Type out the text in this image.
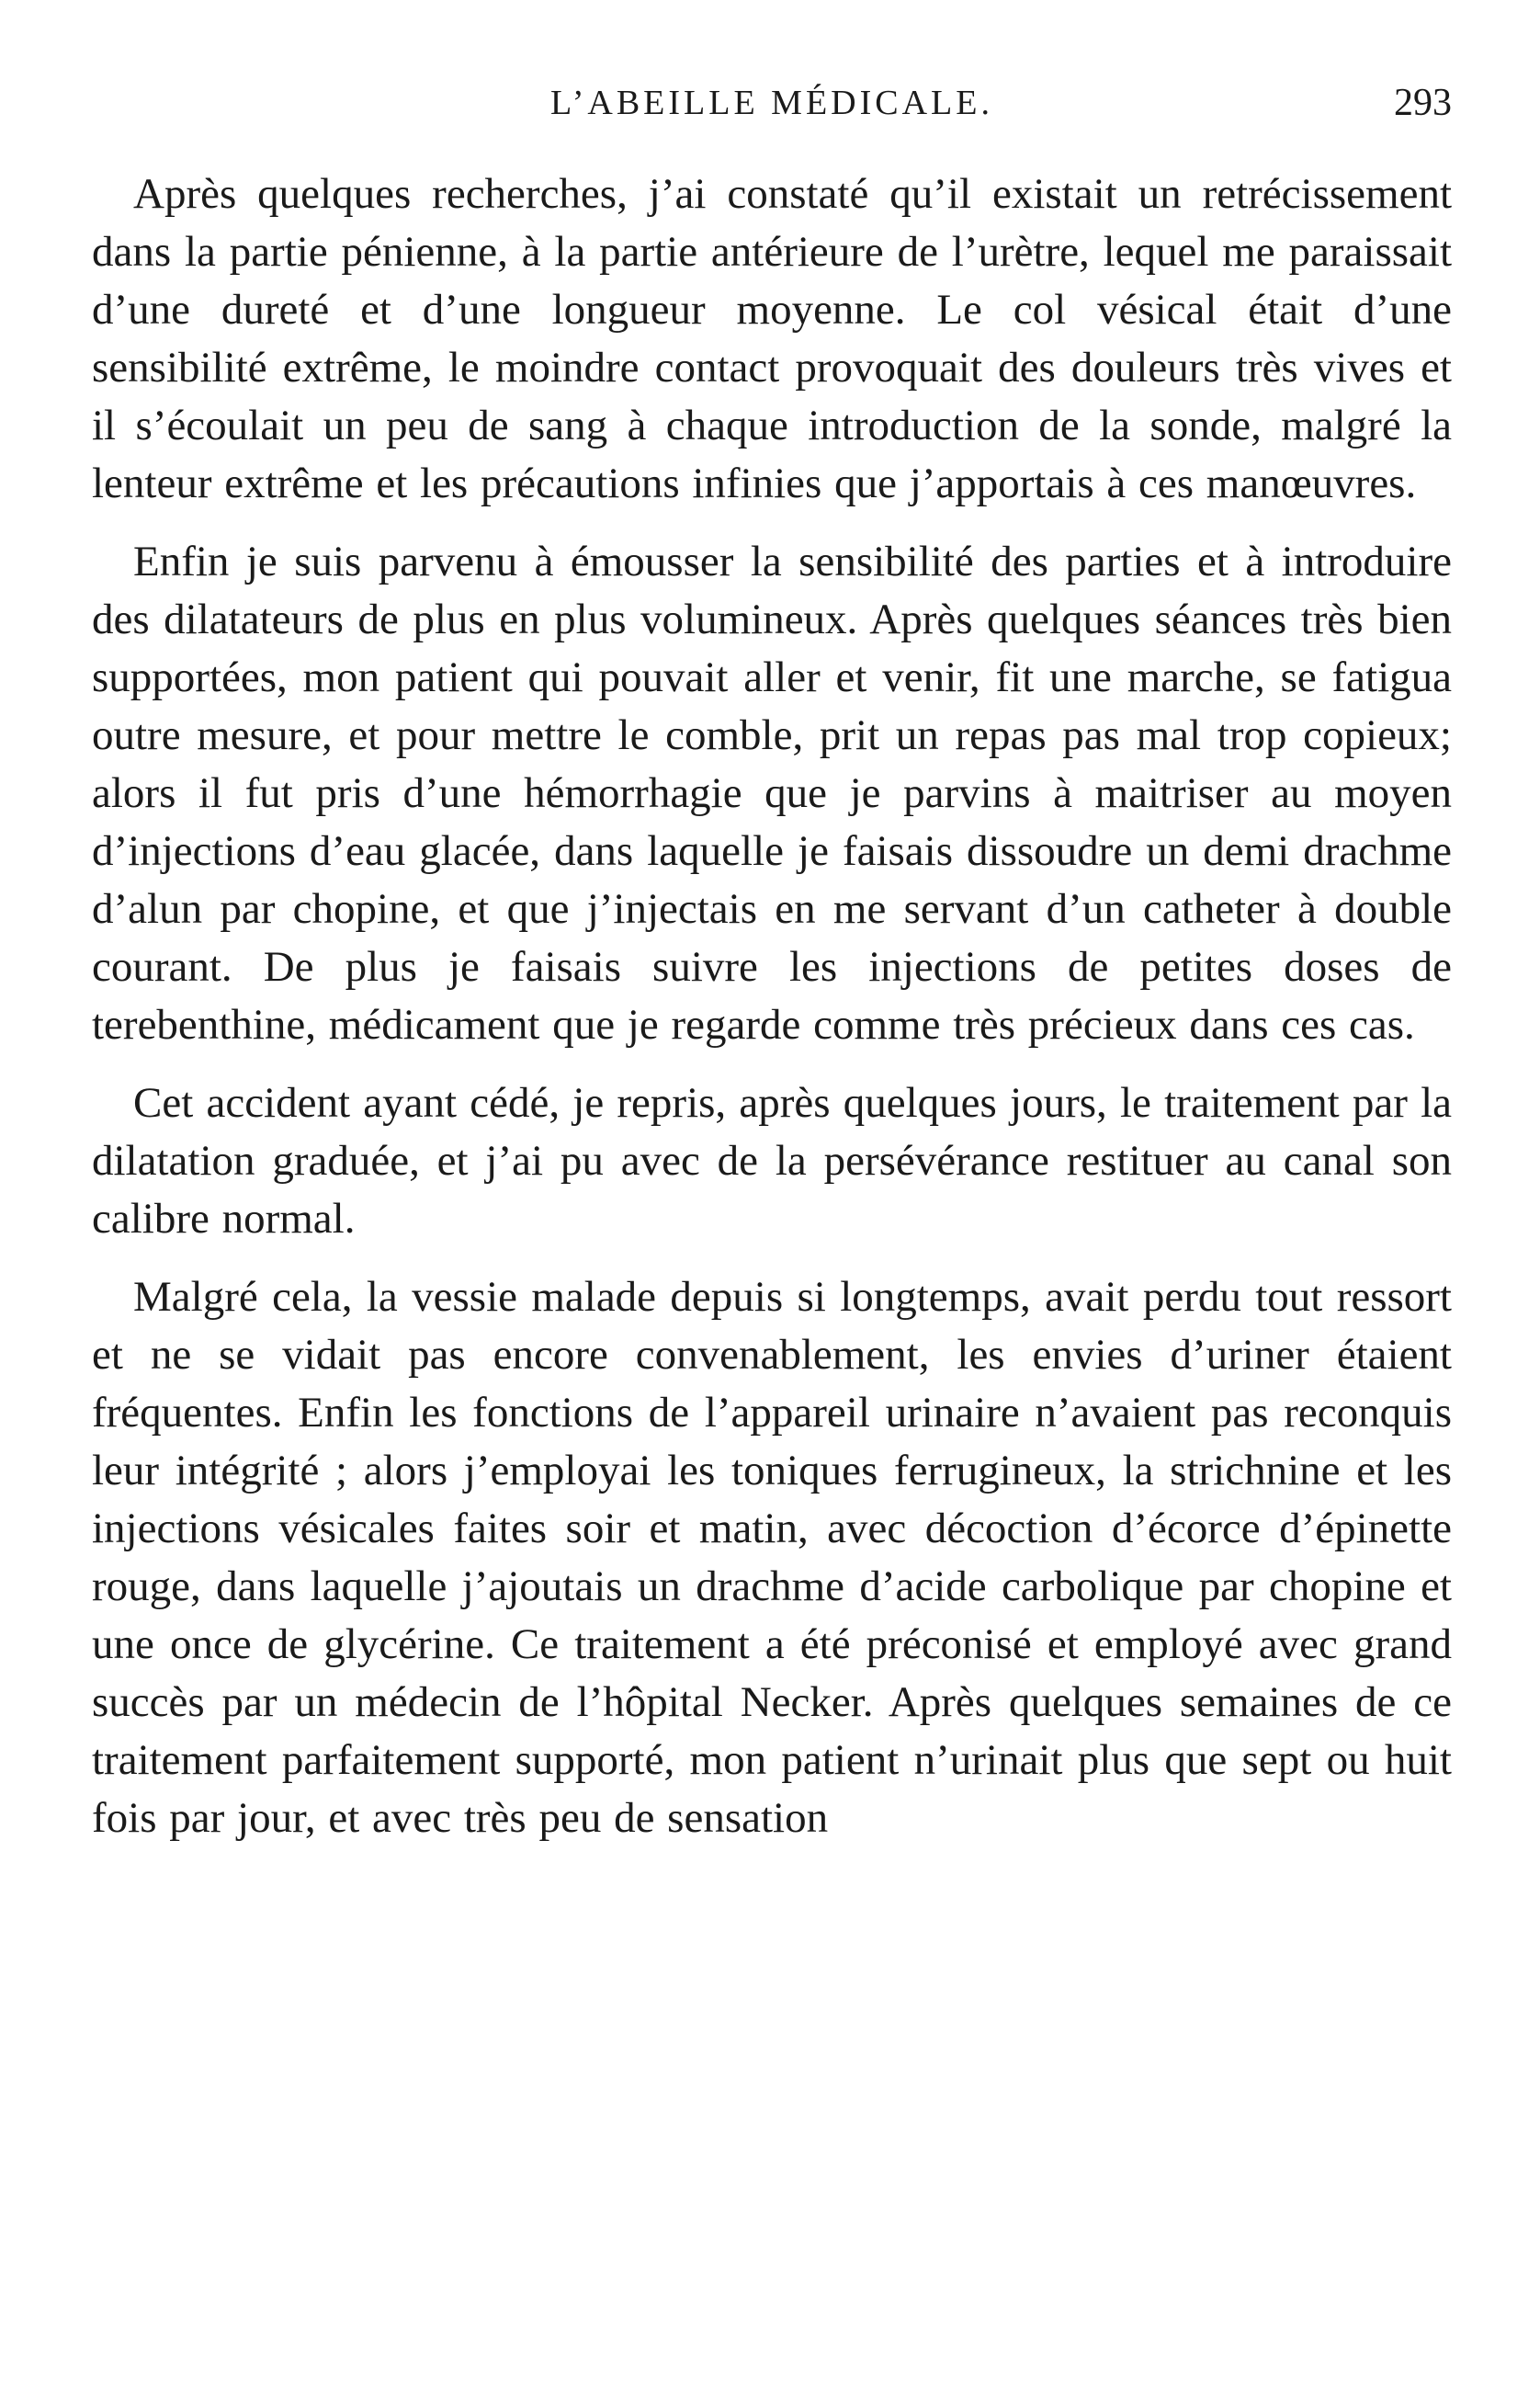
L’ABEILLE MÉDICALE.	293

Après quelques recherches, j’ai constaté qu’il existait un retrécissement dans la partie pénienne, à la partie antérieure de l’urètre, lequel me paraissait d’une dureté et d’une longueur moyenne. Le col vésical était d’une sensibilité extrême, le moindre contact provoquait des douleurs très vives et il s’écoulait un peu de sang à chaque introduction de la sonde, malgré la lenteur extrême et les précautions infinies que j’apportais à ces manœuvres.

Enfin je suis parvenu à émousser la sensibilité des parties et à introduire des dilatateurs de plus en plus volumineux. Après quelques séances très bien supportées, mon patient qui pouvait aller et venir, fit une marche, se fatigua outre mesure, et pour mettre le comble, prit un repas pas mal trop copieux; alors il fut pris d’une hémorrhagie que je parvins à maitriser au moyen d’injections d’eau glacée, dans laquelle je faisais dissoudre un demi drachme d’alun par chopine, et que j’injectais en me servant d’un catheter à double courant. De plus je faisais suivre les injections de petites doses de terebenthine, médicament que je regarde comme très précieux dans ces cas.

Cet accident ayant cédé, je repris, après quelques jours, le traitement par la dilatation graduée, et j’ai pu avec de la persévérance restituer au canal son calibre normal.

Malgré cela, la vessie malade depuis si longtemps, avait perdu tout ressort et ne se vidait pas encore convenablement, les envies d’uriner étaient fréquentes. Enfin les fonctions de l’appareil urinaire n’avaient pas reconquis leur intégrité ; alors j’employai les toniques ferrugineux, la strichnine et les injections vésicales faites soir et matin, avec décoction d’écorce d’épinette rouge, dans laquelle j’ajoutais un drachme d’acide carbolique par chopine et une once de glycérine. Ce traitement a été préconisé et employé avec grand succès par un médecin de l’hôpital Necker. Après quelques semaines de ce traitement parfaitement supporté, mon patient n’urinait plus que sept ou huit fois par jour, et avec très peu de sensation
